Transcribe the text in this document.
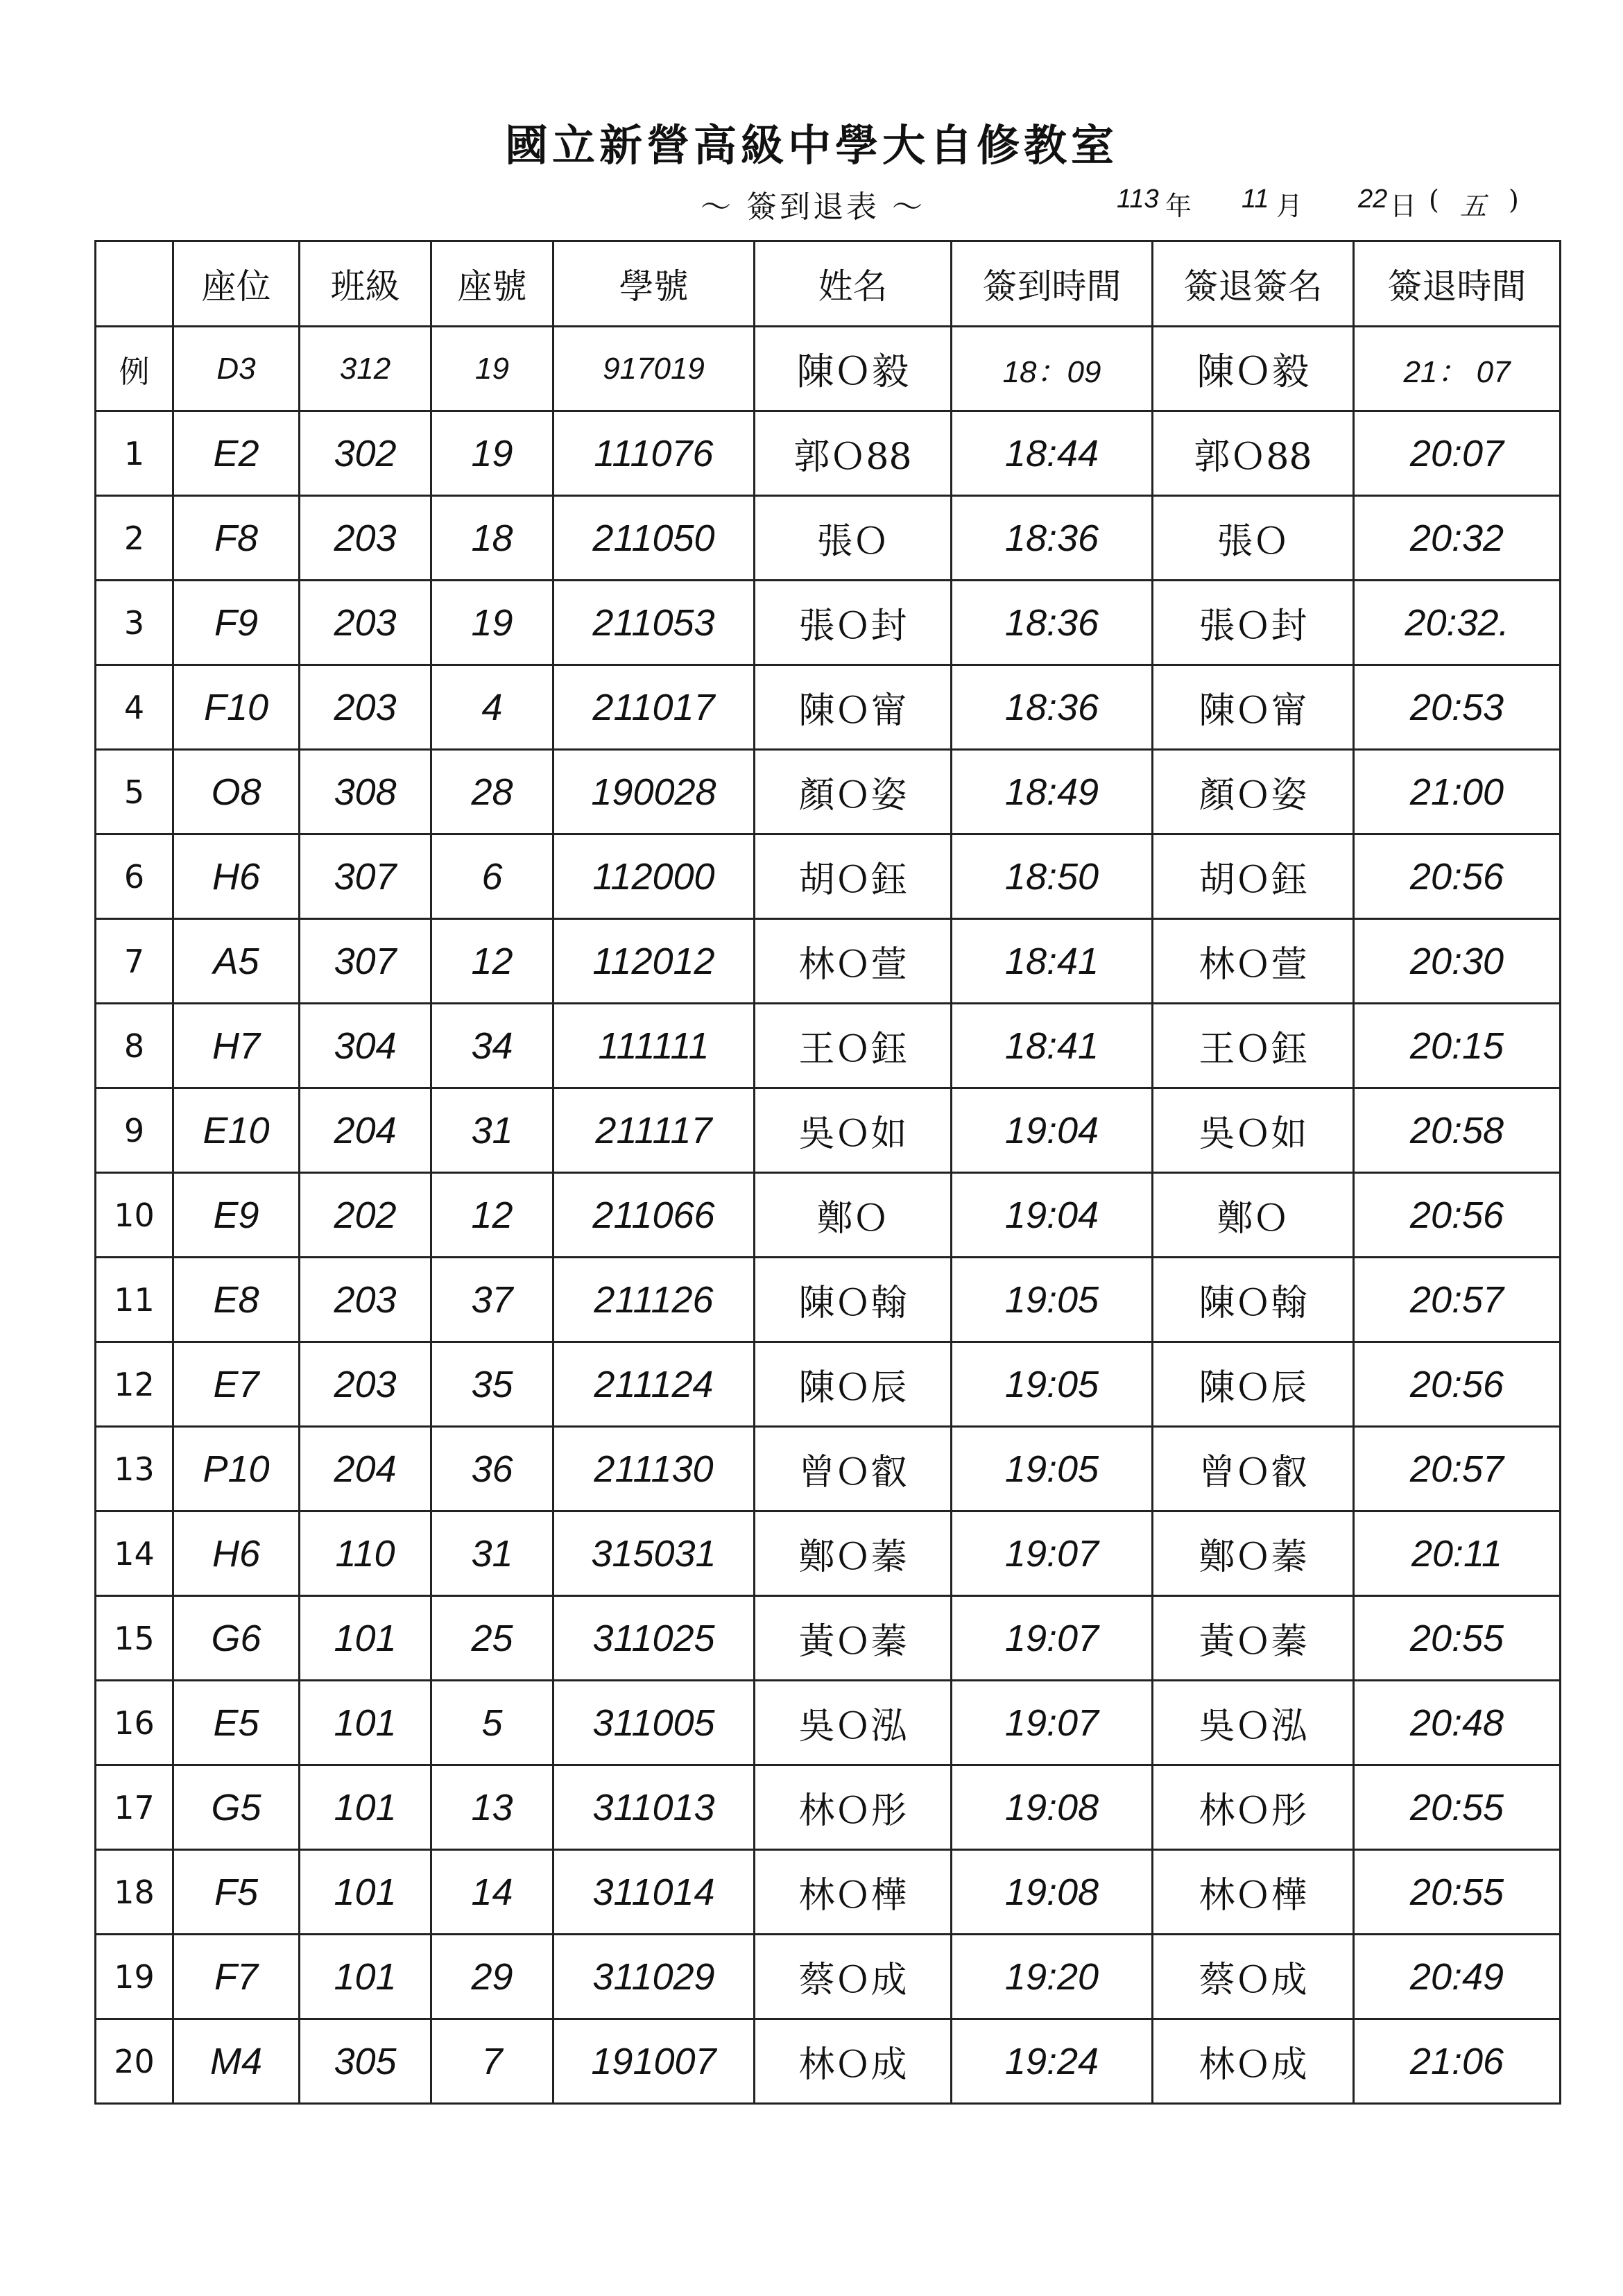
國立新營高級中學大自修教室
〜 簽到退表 〜	113 年 11 月 22 日 ( 五 )
	座位	班級	座號	學號	姓名	簽到時間	簽退簽名	簽退時間
例	D3	312	19	917019	陳Ｏ毅	18：09	陳Ｏ毅	21： 07
1	E2	302	19	111076	郭Ｏ88	18:44	郭Ｏ88	20:07
2	F8	203	18	211050	張Ｏ	18:36	張Ｏ	20:32
3	F9	203	19	211053	張Ｏ封	18:36	張Ｏ封	20:32.
4	F10	203	4	211017	陳Ｏ甯	18:36	陳Ｏ甯	20:53
5	O8	308	28	190028	顏Ｏ姿	18:49	顏Ｏ姿	21:00
6	H6	307	6	112000	胡Ｏ鈺	18:50	胡Ｏ鈺	20:56
7	A5	307	12	112012	林Ｏ萱	18:41	林Ｏ萱	20:30
8	H7	304	34	111111	王Ｏ鈺	18:41	王Ｏ鈺	20:15
9	E10	204	31	211117	吳Ｏ如	19:04	吳Ｏ如	20:58
10	E9	202	12	211066	鄭Ｏ	19:04	鄭Ｏ	20:56
11	E8	203	37	211126	陳Ｏ翰	19:05	陳Ｏ翰	20:57
12	E7	203	35	211124	陳Ｏ辰	19:05	陳Ｏ辰	20:56
13	P10	204	36	211130	曾Ｏ叡	19:05	曾Ｏ叡	20:57
14	H6	110	31	315031	鄭Ｏ蓁	19:07	鄭Ｏ蓁	20:11
15	G6	101	25	311025	黃Ｏ蓁	19:07	黃Ｏ蓁	20:55
16	E5	101	5	311005	吳Ｏ泓	19:07	吳Ｏ泓	20:48
17	G5	101	13	311013	林Ｏ彤	19:08	林Ｏ彤	20:55
18	F5	101	14	311014	林Ｏ樺	19:08	林Ｏ樺	20:55
19	F7	101	29	311029	蔡Ｏ成	19:20	蔡Ｏ成	20:49
20	M4	305	7	191007	林Ｏ成	19:24	林Ｏ成	21:06
